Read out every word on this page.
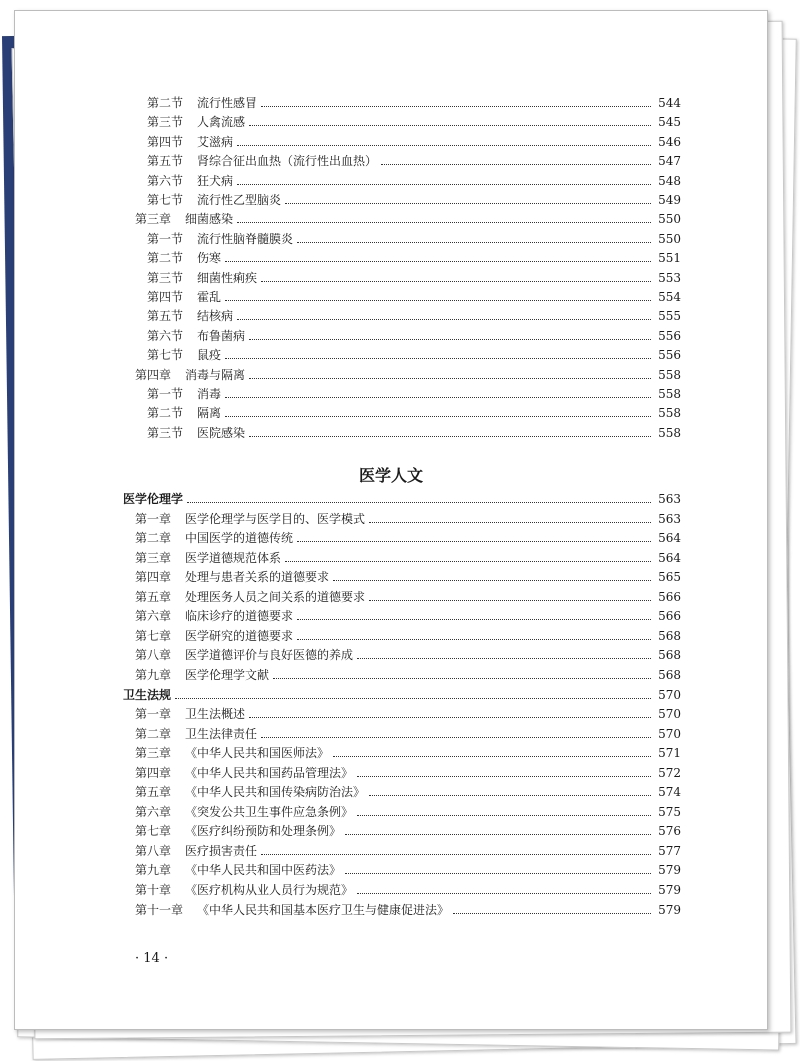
第二节	流行性感冒	544
第三节	人禽流感	545
第四节	艾滋病	546
第五节	肾综合征出血热（流行性出血热）	547
第六节	狂犬病	548
第七节	流行性乙型脑炎	549
第三章	细菌感染	550
第一节	流行性脑脊髓膜炎	550
第二节	伤寒	551
第三节	细菌性痢疾	553
第四节	霍乱	554
第五节	结核病	555
第六节	布鲁菌病	556
第七节	鼠疫	556
第四章	消毒与隔离	558
第一节	消毒	558
第二节	隔离	558
第三节	医院感染	558
医学伦理学	563
第一章	医学伦理学与医学目的、医学模式	563
第二章	中国医学的道德传统	564
第三章	医学道德规范体系	564
第四章	处理与患者关系的道德要求	565
第五章	处理医务人员之间关系的道德要求	566
第六章	临床诊疗的道德要求	566
第七章	医学研究的道德要求	568
第八章	医学道德评价与良好医德的养成	568
第九章	医学伦理学文献	568
卫生法规	570
第一章	卫生法概述	570
第二章	卫生法律责任	570
第三章	《中华人民共和国医师法》	571
第四章	《中华人民共和国药品管理法》	572
第五章	《中华人民共和国传染病防治法》	574
第六章	《突发公共卫生事件应急条例》	575
第七章	《医疗纠纷预防和处理条例》	576
第八章	医疗损害责任	577
第九章	《中华人民共和国中医药法》	579
第十章	《医疗机构从业人员行为规范》	579
第十一章	《中华人民共和国基本医疗卫生与健康促进法》	579
医学人文
· 14 ·
